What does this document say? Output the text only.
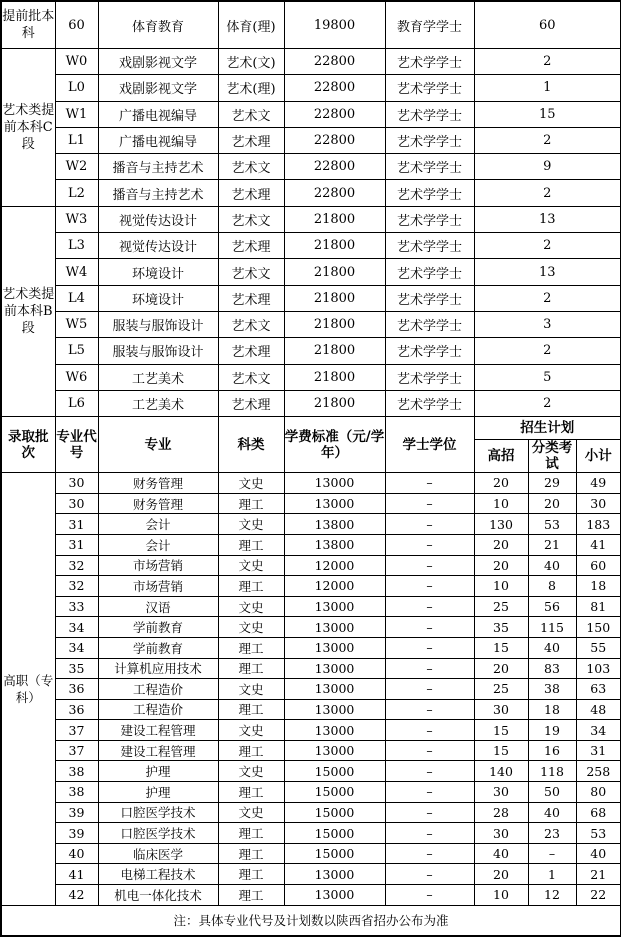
提前批本科	60	体育教育	体育(理)	19800	教育学学士	60		
艺术类提前本科C段	W0	戏剧影视文学	艺术(文)	22800	艺术学学士	2		
	L0	戏剧影视文学	艺术(理)	22800	艺术学学士	1		
	W1	广播电视编导	艺术文	22800	艺术学学士	15		
	L1	广播电视编导	艺术理	22800	艺术学学士	2		
	W2	播音与主持艺术	艺术文	22800	艺术学学士	9		
	L2	播音与主持艺术	艺术理	22800	艺术学学士	2		
艺术类提前本科B段	W3	视觉传达设计	艺术文	21800	艺术学学士	13		
	L3	视觉传达设计	艺术理	21800	艺术学学士	2		
	W4	环境设计	艺术文	21800	艺术学学士	13		
	L4	环境设计	艺术理	21800	艺术学学士	2		
	W5	服装与服饰设计	艺术文	21800	艺术学学士	3		
	L5	服装与服饰设计	艺术理	21800	艺术学学士	2		
	W6	工艺美术	艺术文	21800	艺术学学士	5		
	L6	工艺美术	艺术理	21800	艺术学学士	2		
录取批次	专业代号	专业	科类	学费标准（元/学年）	学士学位	招生计划		
						高招	分类考试	小计
高职（专科）	30	财务管理	文史	13000	–	20	29	49
	30	财务管理	理工	13000	–	10	20	30
	31	会计	文史	13800	–	130	53	183
	31	会计	理工	13800	–	20	21	41
	32	市场营销	文史	12000	–	20	40	60
	32	市场营销	理工	12000	–	10	8	18
	33	汉语	文史	13000	–	25	56	81
	34	学前教育	文史	13000	–	35	115	150
	34	学前教育	理工	13000	–	15	40	55
	35	计算机应用技术	理工	13000	–	20	83	103
	36	工程造价	文史	13000	–	25	38	63
	36	工程造价	理工	13000	–	30	18	48
	37	建设工程管理	文史	13000	–	15	19	34
	37	建设工程管理	理工	13000	–	15	16	31
	38	护理	文史	15000	–	140	118	258
	38	护理	理工	15000	–	30	50	80
	39	口腔医学技术	文史	15000	–	28	40	68
	39	口腔医学技术	理工	15000	–	30	23	53
	40	临床医学	理工	15000	–	40	–	40
	41	电梯工程技术	理工	13000	–	20	1	21
	42	机电一体化技术	理工	13000	–	10	12	22
注：具体专业代号及计划数以陕西省招办公布为准								
